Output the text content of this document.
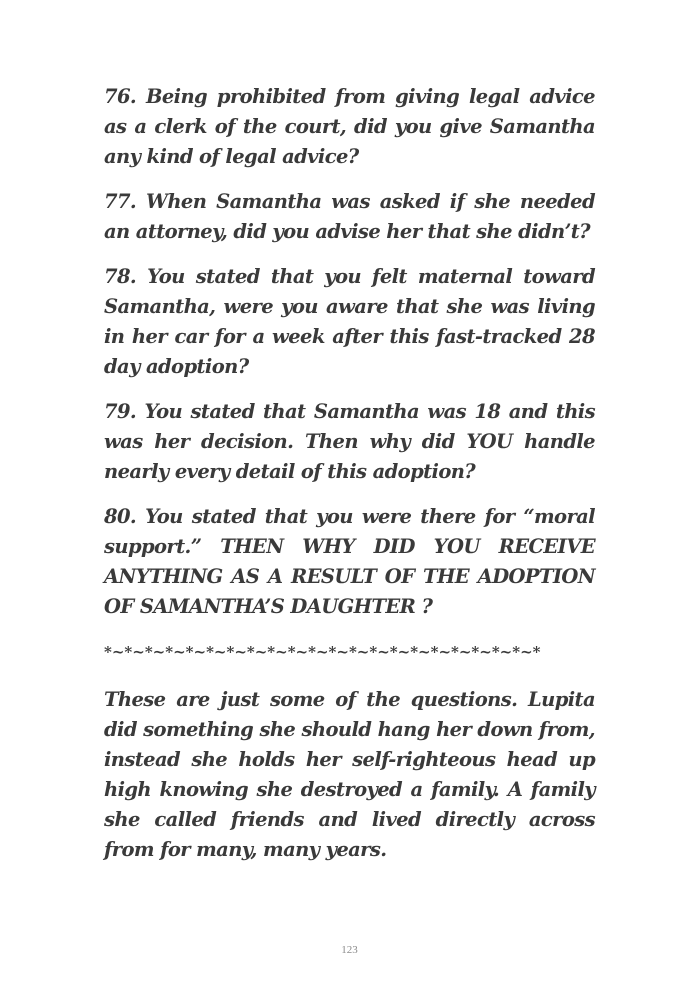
76. Being prohibited from giving legal advice as a clerk of the court, did you give Samantha any kind of legal advice?

77. When Samantha was asked if she needed an attorney, did you advise her that she didn’t?

78. You stated that you felt maternal toward Samantha, were you aware that she was living in her car for a week after this fast-tracked 28 day adoption?

79. You stated that Samantha was 18 and this was her decision. Then why did YOU handle nearly every detail of this adoption?

80. You stated that you were there for “moral support.” THEN WHY DID YOU RECEIVE ANYTHING AS A RESULT OF THE ADOPTION OF SAMANTHA’S DAUGHTER ?

*~*~*~*~*~*~*~*~*~*~*~*~*~*~*~*~*~*~*~*~*~*

These are just some of the questions. Lupita did something she should hang her down from, instead she holds her self-righteous head up high knowing she destroyed a family. A family she called friends and lived directly across from for many, many years.

123
